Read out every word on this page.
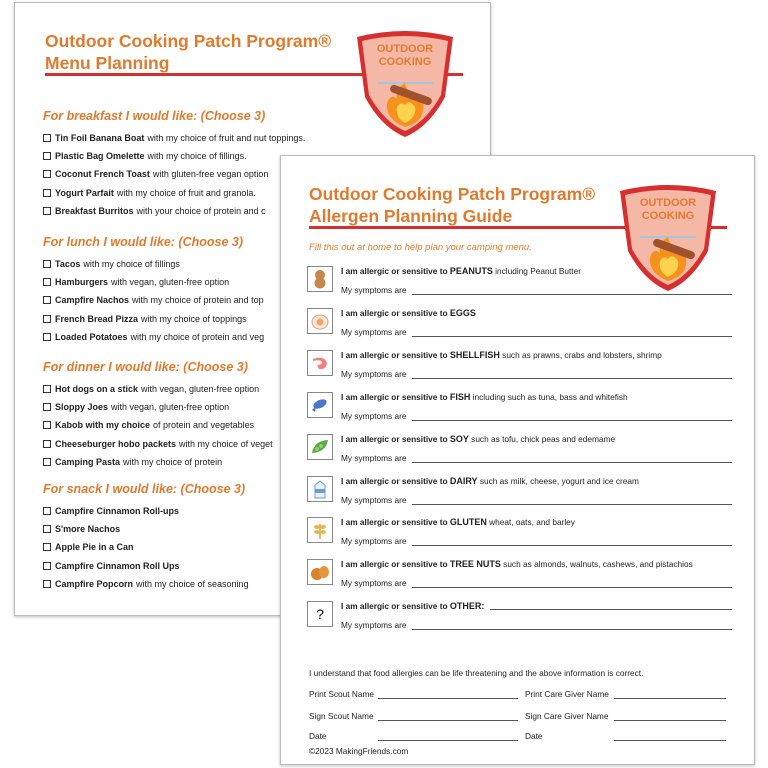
Outdoor Cooking Patch Program®
Menu Planning
OUTDOOR
COOKING
For breakfast I would like: (Choose 3)
Tin Foil Banana Boat with my choice of fruit and nut toppings.
Plastic Bag Omelette with my choice of fillings.
Coconut French Toast with gluten-free vegan option
Yogurt Parfait with my choice of fruit and granola.
Breakfast Burritos with your choice of protein and c
For lunch I would like: (Choose 3)
Tacos with my choice of fillings
Hamburgers with vegan, gluten-free option
Campfire Nachos with my choice of protein and top
French Bread Pizza with my choice of toppings
Loaded Potatoes with my choice of protein and veg
For dinner I would like: (Choose 3)
Hot dogs on a stick with vegan, gluten-free option
Sloppy Joes with vegan, gluten-free option
Kabob with my choice of protein and vegetables
Cheeseburger hobo packets with my choice of veget
Camping Pasta with my choice of protein
For snack I would like: (Choose 3)
Campfire Cinnamon Roll-ups
S'more Nachos
Apple Pie in a Can
Campfire Cinnamon Roll Ups
Campfire Popcorn with my choice of seasoning
Outdoor Cooking Patch Program®
Allergen Planning Guide
OUTDOOR
COOKING

Fill this out at home to help plan your camping menu.

I am allergic or sensitive to PEANUTS including Peanut Butter
My symptoms are
I am allergic or sensitive to EGGS
My symptoms are
I am allergic or sensitive to SHELLFISH such as prawns, crabs and lobsters, shrimp
My symptoms are
I am allergic or sensitive to FISH including such as tuna, bass and whitefish
My symptoms are
I am allergic or sensitive to SOY such as tofu, chick peas and edemame
My symptoms are
I am allergic or sensitive to DAIRY such as milk, cheese, yogurt and ice cream
My symptoms are
I am allergic or sensitive to GLUTEN wheat, oats, and barley
My symptoms are
I am allergic or sensitive to TREE NUTS such as almonds, walnuts, cashews, and pistachios
My symptoms are
? I am allergic or sensitive to OTHER:
My symptoms are
I understand that food allergies can be life threatening and the above information is correct.
Print Scout Name	Print Care Giver Name
Sign Scout Name	Sign Care Giver Name
Date	Date
©2023 MakingFriends.com
